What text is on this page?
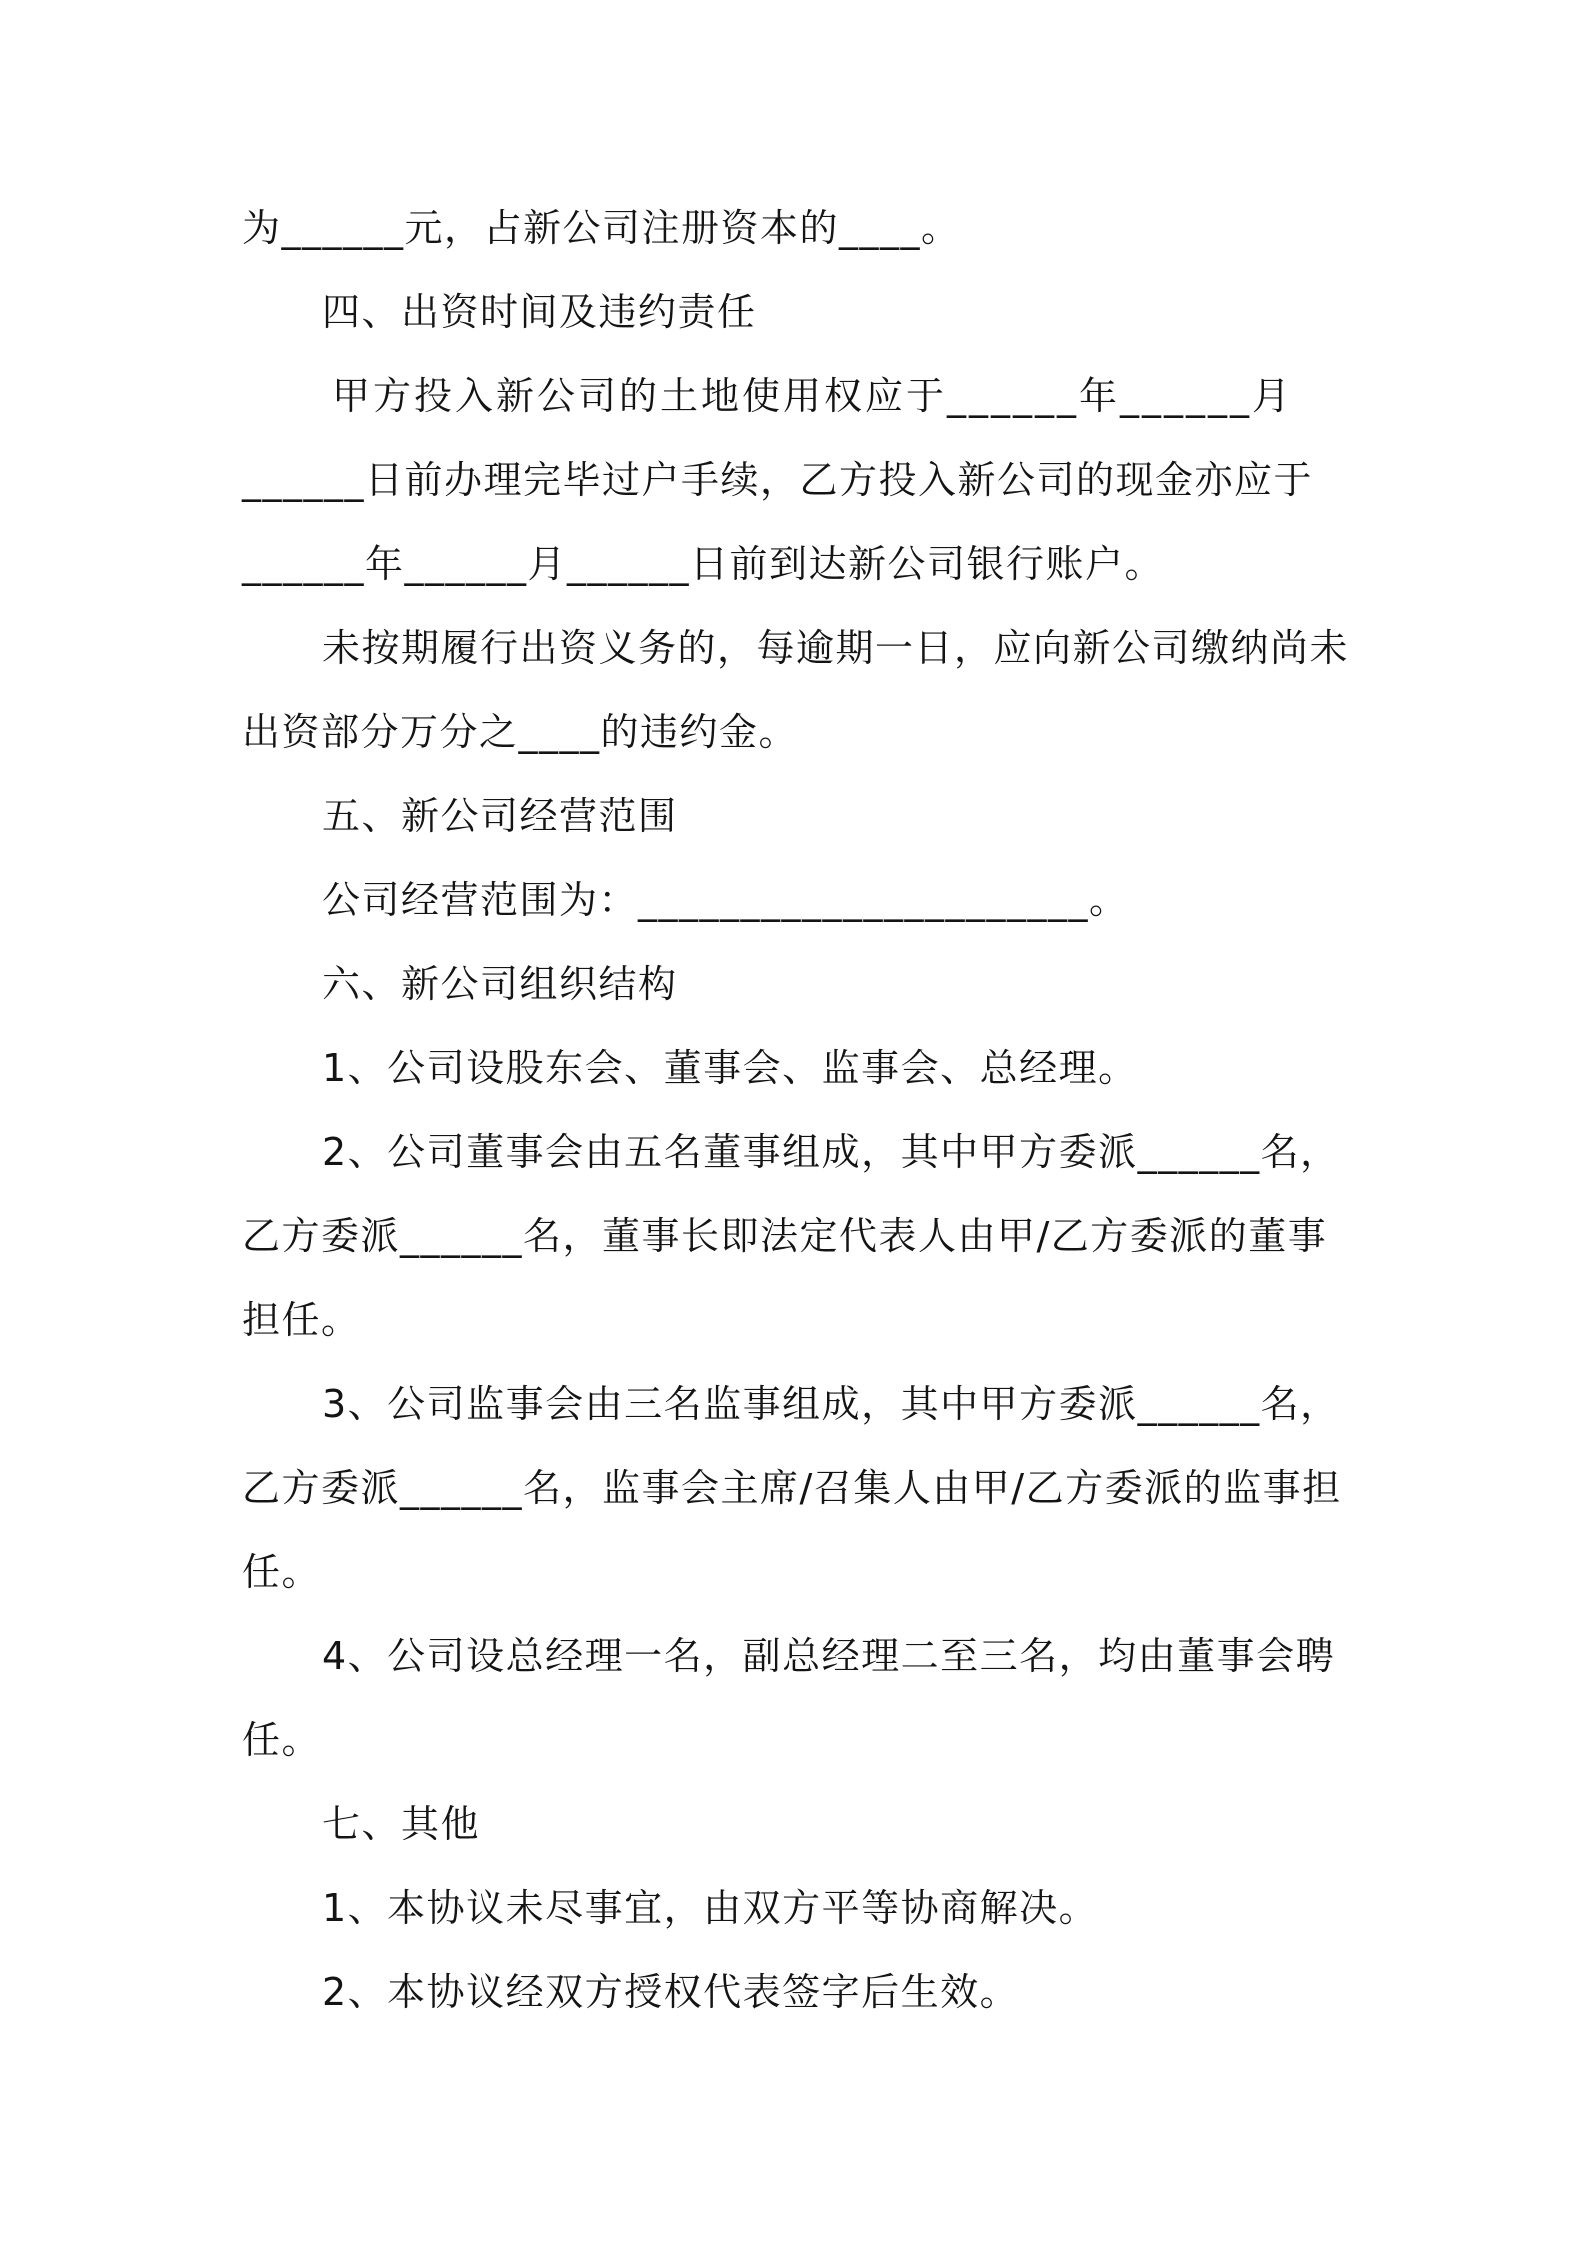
为______元，占新公司注册资本的____。
四、出资时间及违约责任
甲方投入新公司的土地使用权应于______年______月
______日前办理完毕过户手续，乙方投入新公司的现金亦应于
______年______月______日前到达新公司银行账户。
未按期履行出资义务的，每逾期一日，应向新公司缴纳尚未
出资部分万分之____的违约金。
五、新公司经营范围
公司经营范围为：______________________。
六、新公司组织结构
1、公司设股东会、董事会、监事会、总经理。
2、公司董事会由五名董事组成，其中甲方委派______名，
乙方委派______名，董事长即法定代表人由甲/乙方委派的董事
担任。
3、公司监事会由三名监事组成，其中甲方委派______名，
乙方委派______名，监事会主席/召集人由甲/乙方委派的监事担
任。
4、公司设总经理一名，副总经理二至三名，均由董事会聘
任。
七、其他
1、本协议未尽事宜，由双方平等协商解决。
2、本协议经双方授权代表签字后生效。
